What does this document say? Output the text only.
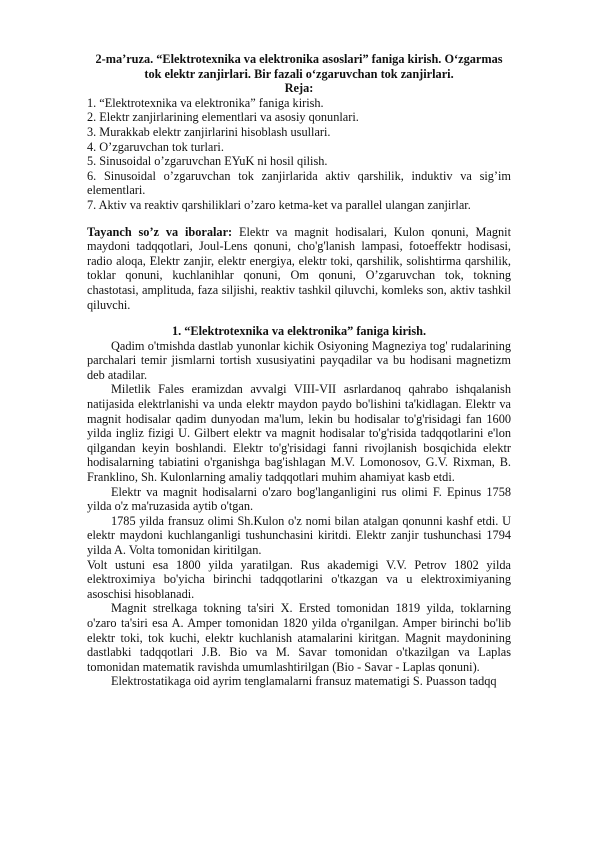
2-ma’ruza. “Elektrotexnika va elektronika asoslari” faniga kirish. O‘zgarmas tok elektr zanjirlari. Bir fazali o‘zgaruvchan tok zanjirlari.

Reja:

1. “Elektrotexnika va elektronika” faniga kirish.

2. Elektr zanjirlarining elementlari va asosiy qonunlari.

3. Murakkab elektr zanjirlarini hisoblash usullari.

4. O’zgaruvchan tok turlari.

5. Sinusoidal o’zgaruvchan EYuK ni hosil qilish.

6. Sinusoidal o’zgaruvchan tok zanjirlarida aktiv qarshilik, induktiv va sig’im elementlari.

7. Aktiv va reaktiv qarshiliklari o’zaro ketma-ket va parallel ulangan zanjirlar.

Tayanch so’z va iboralar: Elektr va magnit hodisalari, Kulon qonuni, Magnit maydoni tadqqotlari, Joul-Lens qonuni, cho'g'lanish lampasi, fotoeffektr hodisasi, radio aloqa, Elektr zanjir, elektr energiya, elektr toki, qarshilik, solishtirma qarshilik, toklar qonuni, kuchlanihlar qonuni, Om qonuni, O’zgaruvchan tok, tokning chastotasi, amplituda, faza siljishi, reaktiv tashkil qiluvchi, komleks son, aktiv tashkil qiluvchi.

1. “Elektrotexnika va elektronika” faniga kirish.

Qadim o'tmishda dastlab yunonlar kichik Osiyoning Magneziya tog' rudalarining parchalari temir jismlarni tortish xususiyatini payqadilar va bu hodisani magnetizm deb atadilar.

Miletlik Fales eramizdan avvalgi VIII-VII asrlardanoq qahrabo ishqalanish natijasida elektrlanishi va unda elektr maydon paydo bo'lishini ta'kidlagan. Elektr va magnit hodisalar qadim dunyodan ma'lum, lekin bu hodisalar to'g'risidagi fan 1600 yilda ingliz fizigi U. Gilbert elektr va magnit hodisalar to'g'risida tadqqotlarini e'lon qilgandan keyin boshlandi. Elektr to'g'risidagi fanni rivojlanish bosqichida elektr hodisalarning tabiatini o'rganishga bag'ishlagan M.V. Lomonosov, G.V. Rixman, B. Franklino, Sh. Kulonlarning amaliy tadqqotlari muhim ahamiyat kasb etdi.

Elektr va magnit hodisalarni o'zaro bog'langanligini rus olimi F. Epinus 1758 yilda o'z ma'ruzasida aytib o'tgan.

1785 yilda fransuz olimi Sh.Kulon o'z nomi bilan atalgan qonunni kashf etdi. U elektr maydoni kuchlanganligi tushunchasini kiritdi. Elektr zanjir tushunchasi 1794 yilda A. Volta tomonidan kiritilgan.

Volt ustuni esa 1800 yilda yaratilgan. Rus akademigi V.V. Petrov 1802 yilda elektroximiya bo'yicha birinchi tadqqotlarini o'tkazgan va u elektroximiyaning asoschisi hisoblanadi.

Magnit strelkaga tokning ta'siri X. Ersted tomonidan 1819 yilda, toklarning o'zaro ta'siri esa A. Amper tomonidan 1820 yilda o'rganilgan. Amper birinchi bo'lib elektr toki, tok kuchi, elektr kuchlanish atamalarini kiritgan. Magnit maydonining dastlabki tadqqotlari J.B. Bio va M. Savar tomonidan o'tkazilgan va Laplas tomonidan matematik ravishda umumlashtirilgan (Bio - Savar - Laplas qonuni).

Elektrostatikaga oid ayrim tenglamalarni fransuz matematigi S. Puasson tadqq
